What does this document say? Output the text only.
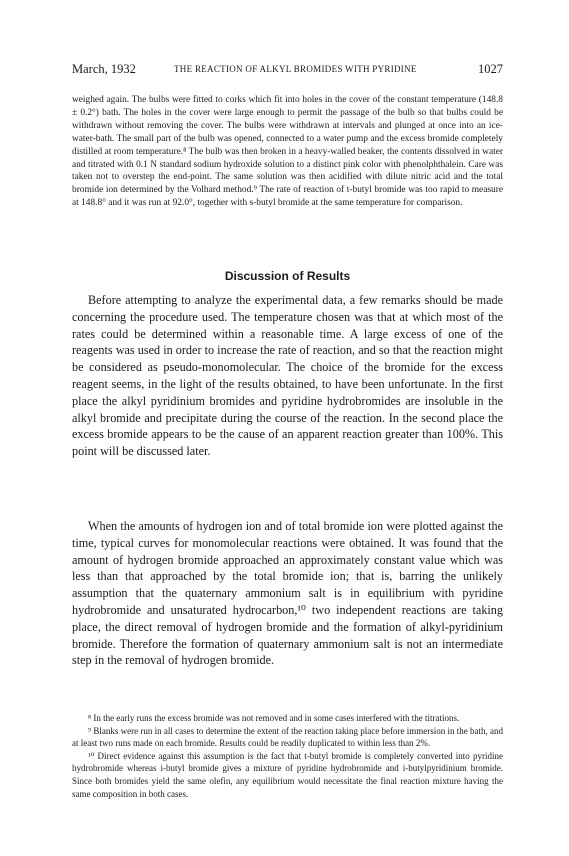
March, 1932	THE REACTION OF ALKYL BROMIDES WITH PYRIDINE	1027
weighed again. The bulbs were fitted to corks which fit into holes in the cover of the constant temperature (148.8 ± 0.2°) bath. The holes in the cover were large enough to permit the passage of the bulb so that bulbs could be withdrawn without removing the cover. The bulbs were withdrawn at intervals and plunged at once into an ice-water-bath. The small part of the bulb was opened, connected to a water pump and the excess bromide completely distilled at room temperature.⁸ The bulb was then broken in a heavy-walled beaker, the contents dissolved in water and titrated with 0.1 N standard sodium hydroxide solution to a distinct pink color with phenolphthalein. Care was taken not to overstep the end-point. The same solution was then acidified with dilute nitric acid and the total bromide ion determined by the Volhard method.⁹ The rate of reaction of t-butyl bromide was too rapid to measure at 148.8° and it was run at 92.0°, together with s-butyl bromide at the same temperature for comparison.
Discussion of Results

Before attempting to analyze the experimental data, a few remarks should be made concerning the procedure used. The temperature chosen was that at which most of the rates could be determined within a reasonable time. A large excess of one of the reagents was used in order to increase the rate of reaction, and so that the reaction might be considered as pseudo-monomolecular. The choice of the bromide for the excess reagent seems, in the light of the results obtained, to have been unfortunate. In the first place the alkyl pyridinium bromides and pyridine hydrobromides are insoluble in the alkyl bromide and precipitate during the course of the reaction. In the second place the excess bromide appears to be the cause of an apparent reaction greater than 100%. This point will be discussed later.

When the amounts of hydrogen ion and of total bromide ion were plotted against the time, typical curves for monomolecular reactions were obtained. It was found that the amount of hydrogen bromide approached an approximately constant value which was less than that approached by the total bromide ion; that is, barring the unlikely assumption that the quaternary ammonium salt is in equilibrium with pyridine hydrobromide and unsaturated hydrocarbon,¹⁰ two independent reactions are taking place, the direct removal of hydrogen bromide and the formation of alkyl-pyridinium bromide. Therefore the formation of quaternary ammonium salt is not an intermediate step in the removal of hydrogen bromide.

⁸ In the early runs the excess bromide was not removed and in some cases interfered with the titrations.

⁹ Blanks were run in all cases to determine the extent of the reaction taking place before immersion in the bath, and at least two runs made on each bromide. Results could be readily duplicated to within less than 2%.

¹⁰ Direct evidence against this assumption is the fact that t-butyl bromide is completely converted into pyridine hydrobromide whereas i-butyl bromide gives a mixture of pyridine hydrobromide and i-butylpyridinium bromide. Since both bromides yield the same olefin, any equilibrium would necessitate the final reaction mixture having the same composition in both cases.
